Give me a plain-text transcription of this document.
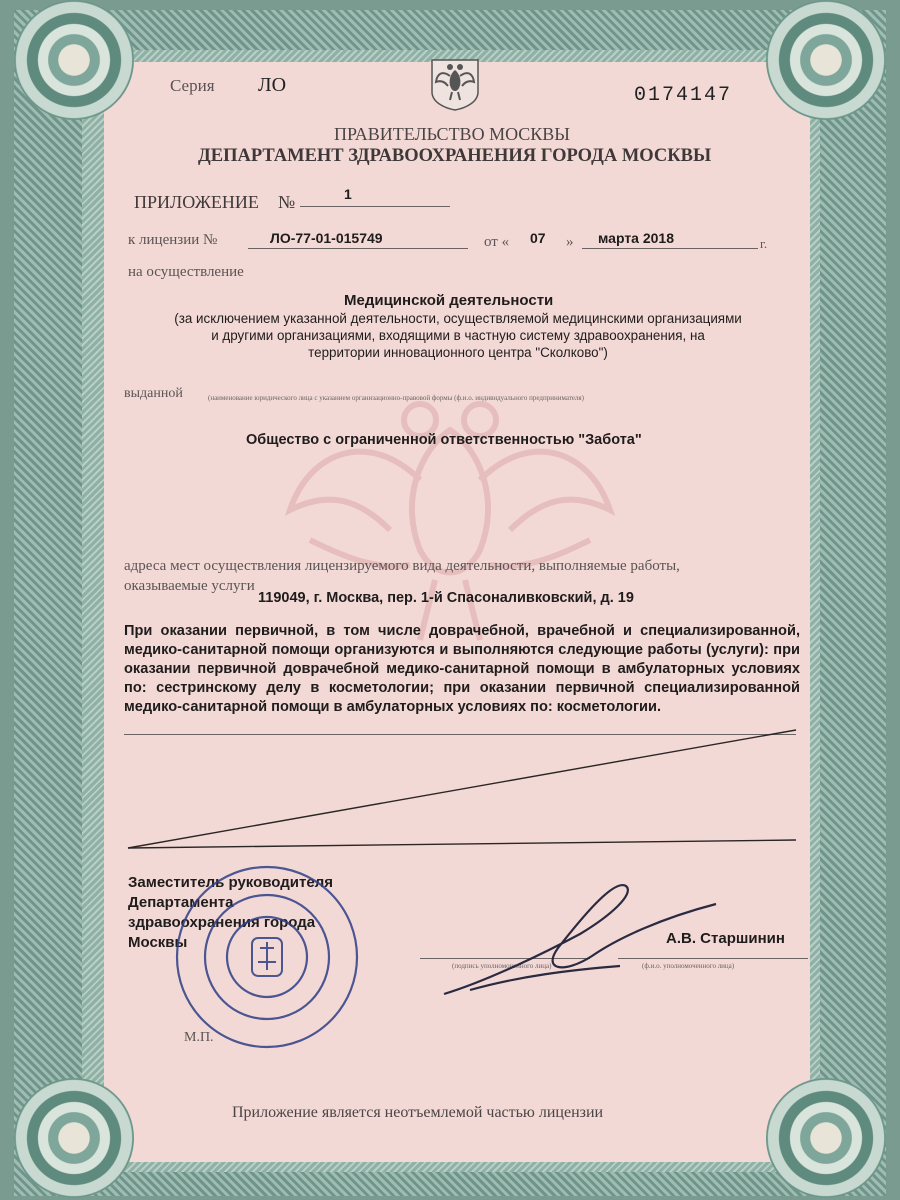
Серия ЛО	0174147
ПРАВИТЕЛЬСТВО МОСКВЫ
ДЕПАРТАМЕНТ ЗДРАВООХРАНЕНИЯ ГОРОДА МОСКВЫ
ПРИЛОЖЕНИЕ №	1
к лицензии №	ЛО-77-01-015749	от « 07 » марта 2018	г.
на осуществление
Медицинской деятельности
(за исключением указанной деятельности, осуществляемой медицинскими организациями
и другими организациями, входящими в частную систему здравоохранения, на
территории инновационного центра "Сколково")
выданной	(наименование юридического лица с указанием организационно-правовой формы (ф.и.о. индивидуального предпринимателя)
Общество с ограниченной ответственностью "Забота"
адреса мест осуществления лицензируемого вида деятельности, выполняемые работы,
оказываемые услуги
119049, г. Москва, пер. 1-й Спасоналивковский, д. 19
При оказании первичной, в том числе доврачебной, врачебной и специализированной, медико-санитарной помощи организуются и выполняются следующие работы (услуги): при оказании первичной доврачебной медико-санитарной помощи в амбулаторных условиях по: сестринскому делу в косметологии; при оказании первичной специализированной медико-санитарной помощи в амбулаторных условиях по: косметологии.
Заместитель руководителя
Департамента
здравоохранения города
Москвы
(подпись уполномоченного лица)
А.В. Старшинин
(ф.и.о. уполномоченного лица)
М.П.
Приложение является неотъемлемой частью лицензии
